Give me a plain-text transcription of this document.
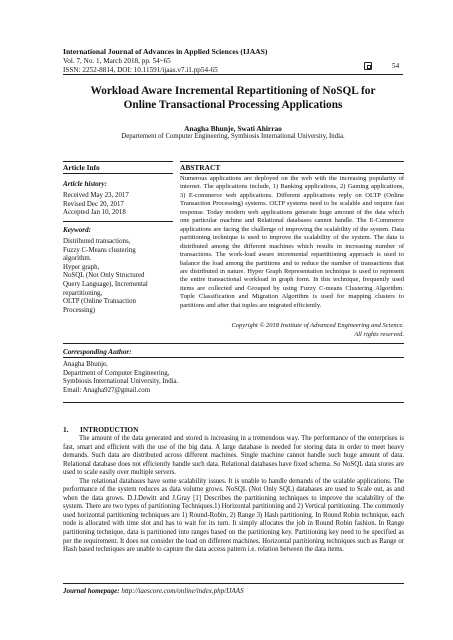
International Journal of Advances in Applied Sciences (IJAAS)
Vol. 7, No. 1, March 2018, pp. 54~65
ISSN: 2252-8814, DOI: 10.11591/ijaas.v7.i1.pp54-65	54
Workload Aware Incremental Repartitioning of NoSQL for
Online Transactional Processing Applications
Anagha Bhunje, Swati Ahirrao
Departement of Computer Engineering, Symbiosis International University, India.
Article Info	ABSTRACT
Article history:
Received May 23, 2017
Revised Dec 20, 2017
Accepted Jan 10, 2018
Keyword:
Distributed transactions,
Fuzzy C-Means clustering
algorithm.
Hyper graph,
NoSQL (Not Only Structured
Query Language), Incremental
repartitioning,
OLTP (Online Transaction
Processing)
Numerous applications are deployed on the web with the increasing popularity of internet. The applications include, 1) Banking applications, 2) Gaming applications, 3) E-commerce web applications. Different applications reply on OLTP (Online Transaction Processing) systems. OLTP systems need to be scalable and require fast response. Today modern web applications generate huge amount of the data which one particular machine and Relational databases cannot handle. The E-Commerce applications are facing the challenge of improving the scalability of the system. Data partitioning technique is used to improve the scalability of the system. The data is distributed among the different machines which results in increasing number of transactions. The work-load aware incremental repartitioning approach is used to balance the load among the partitions and to reduce the number of transactions that are distributed in nature. Hyper Graph Representation technique is used to represent the entire transactional workload in graph form. In this technique, frequently used items are collected and Grouped by using Fuzzy C-means Clustering Algorithm. Tuple Classification and Migration Algorithm is used for mapping clusters to partitions and after that tuples are migrated efficiently.
Copyright © 2018 Institute of Advanced Engineering and Science.
All rights reserved.
Corresponding Author:
Anagha Bhunje,
Department of Computer Engineering,
Symbiosis International University, India.
Email: Anagha927@gmail.com
1. INTRODUCTION

The amount of the data generated and stored is increasing in a tremendous way. The performance of the enterprises is fast, smart and efficient with the use of the big data. A large database is needed for storing data in order to meet heavy demands. Such data are distributed across different machines. Single machine cannot handle such huge amount of data. Relational database does not efficiently handle such data. Relational databases have fixed schema. So NoSQL data stores are used to scale easily over multiple servers.

The relational databases have some scalability issues. It is unable to handle demands of the scalable applications. The performance of the system reduces as data volume grows. NoSQL (Not Only SQL) databases are used to Scale out, as and when the data grows. D.J.Dewitt and J.Gray [1] Describes the partitioning techniques to improve the scalability of the system. There are two types of partitioning Techniques.1) Horizontal partitioning and 2) Vertical partitioning. The commonly used horizontal partitioning techniques are 1) Round-Robin, 2) Range 3) Hash partitioning. In Round Robin technique, each node is allocated with time slot and has to wait for its turn. It simply allocates the job in Round Robin fashion. In Range partitioning technique, data is partitioned into ranges based on the partitioning key. Partitioning key need to be specified as per the requirement. It does not consider the load on different machines. Horizontal partitioning techniques such as Range or Hash based techniques are unable to capture the data access pattern i.e. relation between the data items.

Journal homepage: http://iaescore.com/online/index.php/IJAAS
